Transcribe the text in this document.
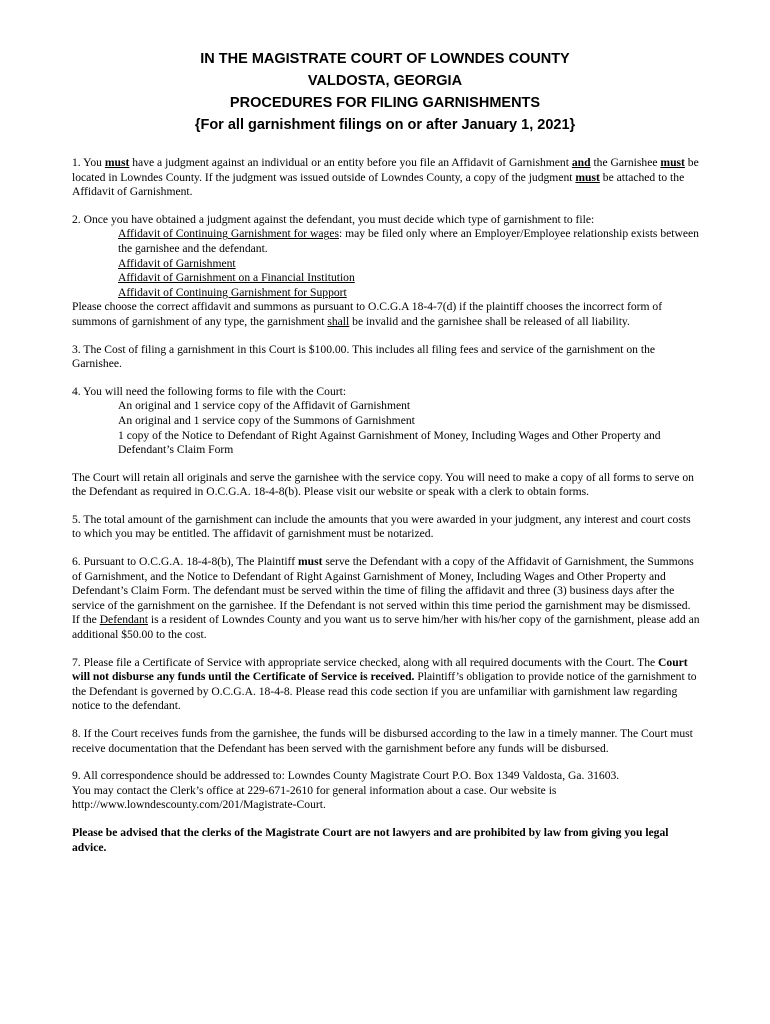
IN THE MAGISTRATE COURT OF LOWNDES COUNTY
VALDOSTA, GEORGIA
PROCEDURES FOR FILING GARNISHMENTS
{For all garnishment filings on or after January 1, 2021}

1. You must have a judgment against an individual or an entity before you file an Affidavit of Garnishment and the Garnishee must be located in Lowndes County. If the judgment was issued outside of Lowndes County, a copy of the judgment must be attached to the Affidavit of Garnishment.

2. Once you have obtained a judgment against the defendant, you must decide which type of garnishment to file:
Affidavit of Continuing Garnishment for wages: may be filed only where an Employer/Employee relationship exists between the garnishee and the defendant.
Affidavit of Garnishment
Affidavit of Garnishment on a Financial Institution
Affidavit of Continuing Garnishment for Support
Please choose the correct affidavit and summons as pursuant to O.C.G.A 18-4-7(d) if the plaintiff chooses the incorrect form of summons of garnishment of any type, the garnishment shall be invalid and the garnishee shall be released of all liability.

3. The Cost of filing a garnishment in this Court is $100.00. This includes all filing fees and service of the garnishment on the Garnishee.

4. You will need the following forms to file with the Court:
An original and 1 service copy of the Affidavit of Garnishment
An original and 1 service copy of the Summons of Garnishment
1 copy of the Notice to Defendant of Right Against Garnishment of Money, Including Wages and Other Property and Defendant’s Claim Form
The Court will retain all originals and serve the garnishee with the service copy. You will need to make a copy of all forms to serve on the Defendant as required in O.C.G.A. 18-4-8(b). Please visit our website or speak with a clerk to obtain forms.

5. The total amount of the garnishment can include the amounts that you were awarded in your judgment, any interest and court costs to which you may be entitled. The affidavit of garnishment must be notarized.

6. Pursuant to O.C.G.A. 18-4-8(b), The Plaintiff must serve the Defendant with a copy of the Affidavit of Garnishment, the Summons of Garnishment, and the Notice to Defendant of Right Against Garnishment of Money, Including Wages and Other Property and Defendant’s Claim Form. The defendant must be served within the time of filing the affidavit and three (3) business days after the service of the garnishment on the garnishee. If the Defendant is not served within this time period the garnishment may be dismissed. If the Defendant is a resident of Lowndes County and you want us to serve him/her with his/her copy of the garnishment, please add an additional $50.00 to the cost.

7. Please file a Certificate of Service with appropriate service checked, along with all required documents with the Court. The Court will not disburse any funds until the Certificate of Service is received. Plaintiff’s obligation to provide notice of the garnishment to the Defendant is governed by O.C.G.A. 18-4-8. Please read this code section if you are unfamiliar with garnishment law regarding notice to the defendant.

8. If the Court receives funds from the garnishee, the funds will be disbursed according to the law in a timely manner. The Court must receive documentation that the Defendant has been served with the garnishment before any funds will be disbursed.

9. All correspondence should be addressed to: Lowndes County Magistrate Court P.O. Box 1349 Valdosta, Ga. 31603.
You may contact the Clerk’s office at 229-671-2610 for general information about a case. Our website is
http://www.lowndescounty.com/201/Magistrate-Court.

Please be advised that the clerks of the Magistrate Court are not lawyers and are prohibited by law from giving you legal advice.
